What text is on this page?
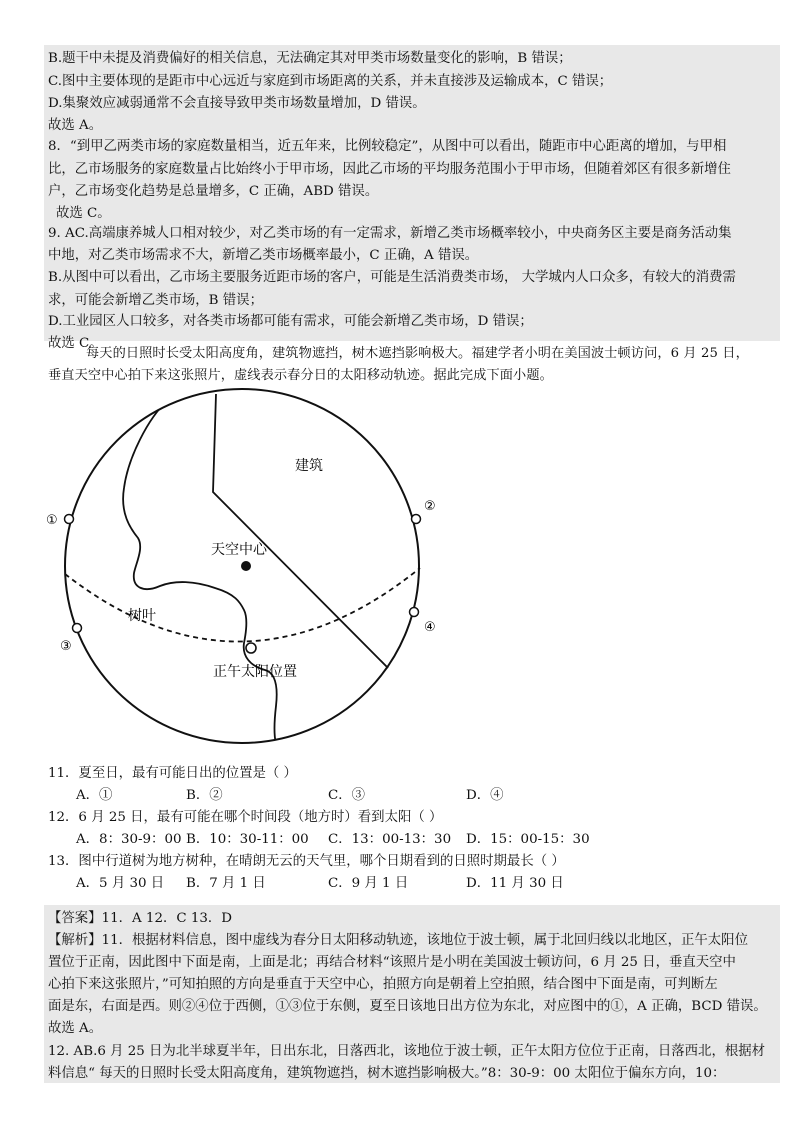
B.题干中未提及消费偏好的相关信息，无法确定其对甲类市场数量变化的影响，B 错误；
C.图中主要体现的是距市中心远近与家庭到市场距离的关系，并未直接涉及运输成本，C 错误；
D.集聚效应减弱通常不会直接导致甲类市场数量增加，D 错误。
故选 A。
8．“到甲乙两类市场的家庭数量相当，近五年来，比例较稳定”，从图中可以看出，随距市中心距离的增加，与甲相
比，乙市场服务的家庭数量占比始终小于甲市场，因此乙市场的平均服务范围小于甲市场，但随着郊区有很多新增住
户，乙市场变化趋势是总量增多，C 正确，ABD 错误。
故选 C。
9. AC.高端康养城人口相对较少，对乙类市场的有一定需求，新增乙类市场概率较小，中央商务区主要是商务活动集
中地，对乙类市场需求不大，新增乙类市场概率最小，C 正确，A 错误。
B.从图中可以看出，乙市场主要服务近距市场的客户，可能是生活消费类市场， 大学城内人口众多，有较大的消费需
求，可能会新增乙类市场，B 错误；
D.工业园区人口较多，对各类市场都可能有需求，可能会新增乙类市场，D 错误；
故选 C。
每天的日照时长受太阳高度角，建筑物遮挡，树木遮挡影响极大。福建学者小明在美国波士顿访问，6 月 25 日，
垂直天空中心拍下来这张照片，虚线表示春分日的太阳移动轨迹。据此完成下面小题。
建筑
天空中心
树叶
正午太阳位置
①
②
③
④
11．夏至日，最有可能日出的位置是（ ）
A．①	B．②	C．③	D．④
12．6 月 25 日，最有可能在哪个时间段（地方时）看到太阳（ ）
A．8：30-9：00 B．10：30-11：00 C．13：00-13：30 D．15：00-15：30
13．图中行道树为地方树种，在晴朗无云的天气里，哪个日期看到的日照时期最长（ ）
A．5 月 30 日 B．7 月 1 日	C．9 月 1 日	D．11 月 30 日
【答案】11．A 12．C 13．D
【解析】11．根据材料信息，图中虚线为春分日太阳移动轨迹，该地位于波士顿，属于北回归线以北地区，正午太阳位
置位于正南，因此图中下面是南，上面是北；再结合材料“该照片是小明在美国波士顿访问，6 月 25 日，垂直天空中
心拍下来这张照片，”可知拍照的方向是垂直于天空中心，拍照方向是朝着上空拍照，结合图中下面是南，可判断左
面是东，右面是西。则②④位于西侧，①③位于东侧，夏至日该地日出方位为东北，对应图中的①，A 正确，BCD 错误。
故选 A。
12. AB.6 月 25 日为北半球夏半年，日出东北，日落西北，该地位于波士顿，正午太阳方位位于正南，日落西北，根据材
料信息“ 每天的日照时长受太阳高度角，建筑物遮挡，树木遮挡影响极大。”8：30-9：00 太阳位于偏东方向，10：
